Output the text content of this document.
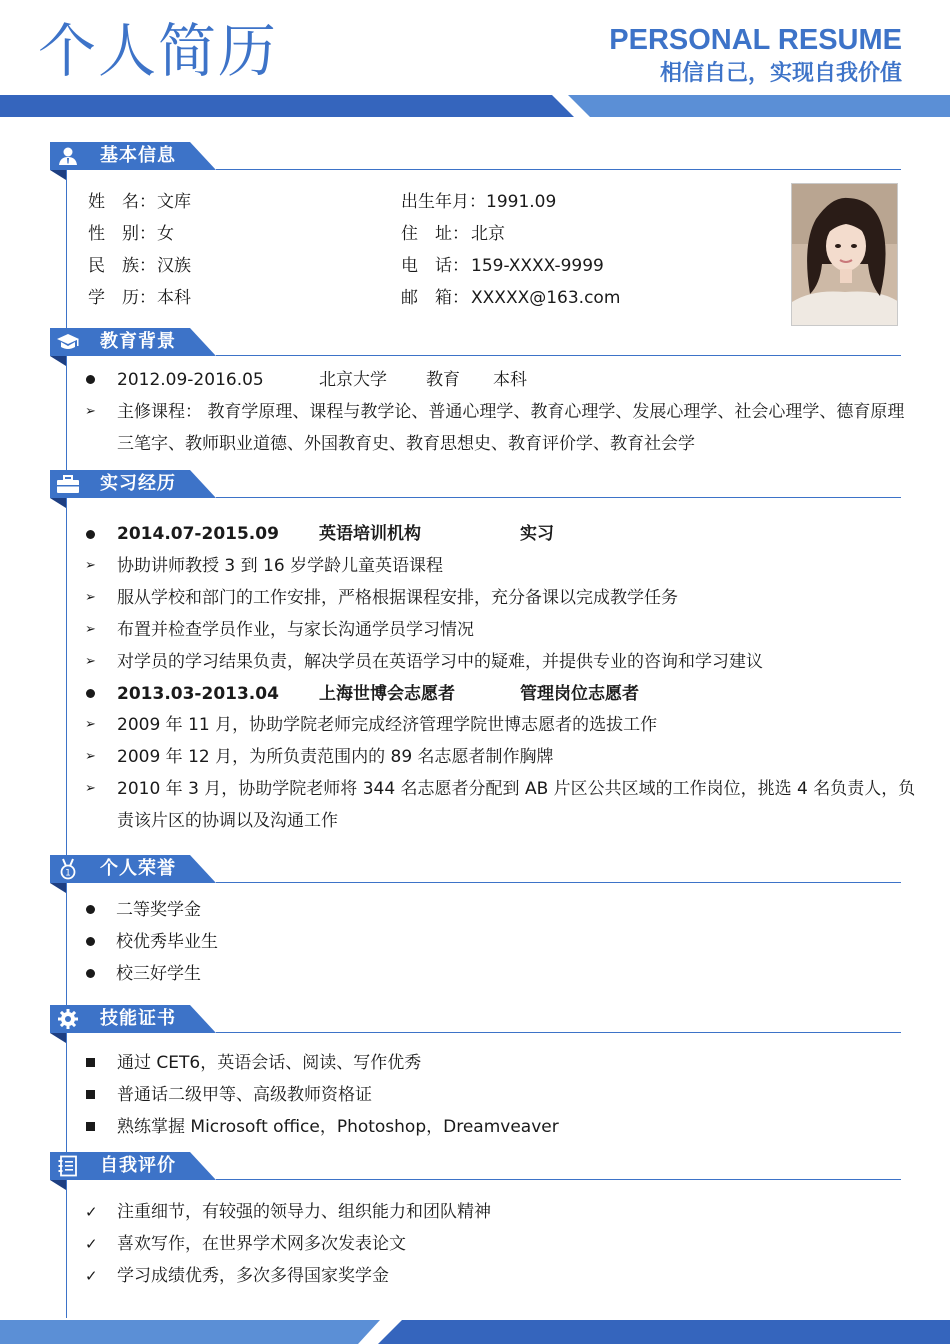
个人简历	PERSONAL RESUME
相信自己，实现自我价值
基本信息
姓　名： 文库
性　别： 女
民　族： 汉族
学　历： 本科
出生年月： 1991.09
住　址： 北京
电　话： 159-XXXX-9999
邮　箱： XXXXX@163.com
教育背景
2012.09-2016.05	北京大学 教育 本科
➢ 主修课程： 教育学原理、课程与教学论、普通心理学、教育心理学、发展心理学、社会心理学、德育原理
三笔字、教师职业道德、外国教育史、教育思想史、教育评价学、教育社会学
实习经历
2014.07-2015.09 英语培训机构	实习
➢ 协助讲师教授 3 到 16 岁学龄儿童英语课程
➢ 服从学校和部门的工作安排，严格根据课程安排，充分备课以完成教学任务
➢ 布置并检查学员作业，与家长沟通学员学习情况
➢ 对学员的学习结果负责，解决学员在英语学习中的疑难，并提供专业的咨询和学习建议
2013.03-2013.04 上海世博会志愿者	管理岗位志愿者
➢ 2009 年 11 月，协助学院老师完成经济管理学院世博志愿者的选拔工作
➢ 2009 年 12 月，为所负责范围内的 89 名志愿者制作胸牌
➢ 2010 年 3 月，协助学院老师将 344 名志愿者分配到 AB 片区公共区域的工作岗位，挑选 4 名负责人，负
责该片区的协调以及沟通工作
1 个人荣誉
二等奖学金
校优秀毕业生
校三好学生
技能证书
通过 CET6，英语会话、阅读、写作优秀
普通话二级甲等、高级教师资格证
熟练掌握 Microsoft office，Photoshop，Dreamveaver
自我评价
✓ 注重细节，有较强的领导力、组织能力和团队精神
✓ 喜欢写作，在世界学术网多次发表论文
✓ 学习成绩优秀，多次多得国家奖学金
